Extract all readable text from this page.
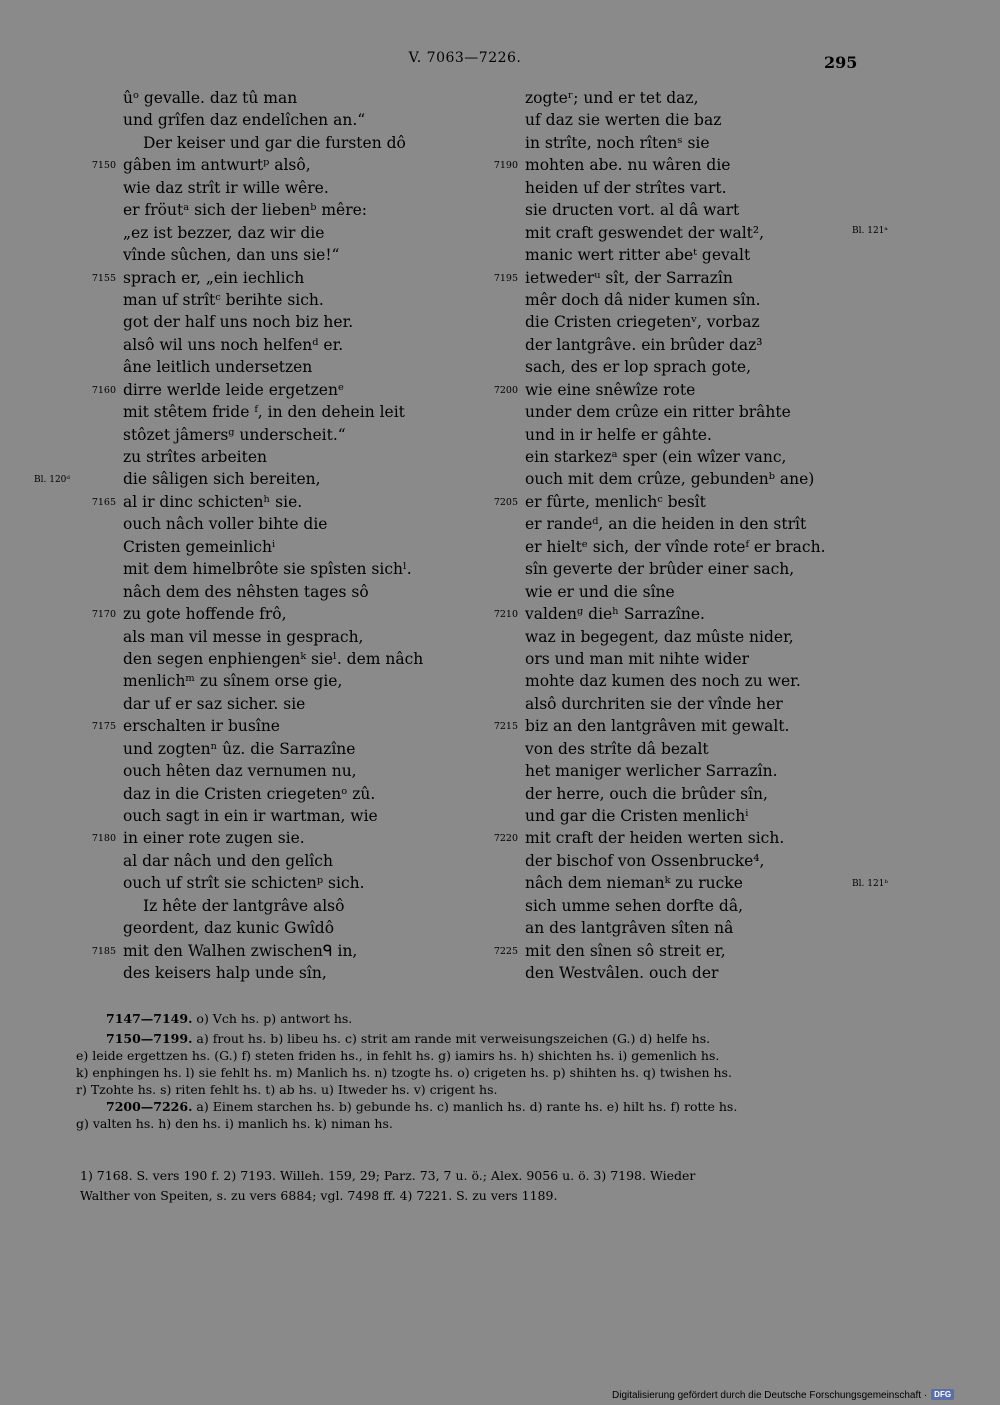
V. 7063—7226.	295
ûᵒ gevalle. daz tû man
und grîfen daz endelîchen an.“
Der keiser und gar die fursten dô
7150 gâben im antwurtᵖ alsô,
wie daz strît ir wille wêre.
er fröutᵃ sich der liebenᵇ mêre:
„ez ist bezzer, daz wir die
vînde sûchen, dan uns sie!“
7155 sprach er, „ein iechlich
man uf strîtᶜ berihte sich.
got der half uns noch biz her.
alsô wil uns noch helfenᵈ er.
âne leitlich undersetzen
7160 dirre werlde leide ergetzenᵉ
mit stêtem fride ᶠ, in den dehein leit
stôzet jâmersᵍ underscheit.“
zu strîtes arbeiten
die sâligen sich bereiten,
7165 al ir dinc schictenʰ sie.
ouch nâch voller bihte die
Cristen gemeinlichⁱ
mit dem himelbrôte sie spîsten sichˡ.
nâch dem des nêhsten tages sô
7170 zu gote hoffende frô,
als man vil messe in gesprach,
den segen enphiengenᵏ sieˡ. dem nâch
menlichᵐ zu sînem orse gie,
dar uf er saz sicher. sie
7175 erschalten ir busîne
und zogtenⁿ ûz. die Sarrazîne
ouch hêten daz vernumen nu,
daz in die Cristen criegetenᵒ zû.
ouch sagt in ein ir wartman, wie
7180 in einer rote zugen sie.
al dar nâch und den gelîch
ouch uf strît sie schictenᵖ sich.
Iz hête der lantgrâve alsô
geordent, daz kunic Gwîdô
7185 mit den Walhen zwischenᑫ in,
des keisers halp unde sîn,
zogteʳ; und er tet daz,
uf daz sie werten die baz
in strîte, noch rîtenˢ sie
7190 mohten abe. nu wâren die
heiden uf der strîtes vart.
sie dructen vort. al dâ wart
mit craft geswendet der walt²,
manic wert ritter abeᵗ gevalt
7195 ietwederᵘ sît, der Sarrazîn
mêr doch dâ nider kumen sîn.
die Cristen criegetenᵛ, vorbaz
der lantgrâve. ein brûder daz³
sach, des er lop sprach gote,
7200 wie eine snêwîze rote
under dem crûze ein ritter brâhte
und in ir helfe er gâhte.
ein starkezᵃ sper (ein wîzer vanc,
ouch mit dem crûze, gebundenᵇ ane)
7205 er fûrte, menlichᶜ besît
er randeᵈ, an die heiden in den strît
er hieltᵉ sich, der vînde roteᶠ er brach.
sîn geverte der brûder einer sach,
wie er und die sîne
7210 valdenᵍ dieʰ Sarrazîne.
waz in begegent, daz mûste nider,
ors und man mit nihte wider
mohte daz kumen des noch zu wer.
alsô durchriten sie der vînde her
7215 biz an den lantgrâven mit gewalt.
von des strîte dâ bezalt
het maniger werlicher Sarrazîn.
der herre, ouch die brûder sîn,
und gar die Cristen menlichⁱ
7220 mit craft der heiden werten sich.
der bischof von Ossenbrucke⁴,
nâch dem niemanᵏ zu rucke
sich umme sehen dorfte dâ,
an des lantgrâven sîten nâ
7225 mit den sînen sô streit er,
den Westvâlen. ouch der
Bl. 120ᵈ
Bl. 121ᵃ
Bl. 121ᵇ
7147—7149. o) Vch hs. p) antwort hs.
7150—7199. a) frout hs. b) libeu hs. c) strit am rande mit verweisungszeichen (G.) d) helfe hs.
e) leide ergettzen hs. (G.) f) steten friden hs., in fehlt hs. g) iamirs hs. h) shichten hs. i) gemenlich hs.
k) enphingen hs. l) sie fehlt hs. m) Manlich hs. n) tzogte hs. o) crigeten hs. p) shihten hs. q) twishen hs.
r) Tzohte hs. s) riten fehlt hs. t) ab hs. u) Itweder hs. v) crigent hs.
7200—7226. a) Einem starchen hs. b) gebunde hs. c) manlich hs. d) rante hs. e) hilt hs. f) rotte hs.
g) valten hs. h) den hs. i) manlich hs. k) niman hs.
1) 7168. S. vers 190 f. 2) 7193. Willeh. 159, 29; Parz. 73, 7 u. ö.; Alex. 9056 u. ö. 3) 7198. Wieder
Walther von Speiten, s. zu vers 6884; vgl. 7498 ff. 4) 7221. S. zu vers 1189.
Digitalisierung gefördert durch die Deutsche Forschungsgemeinschaft · DFG
